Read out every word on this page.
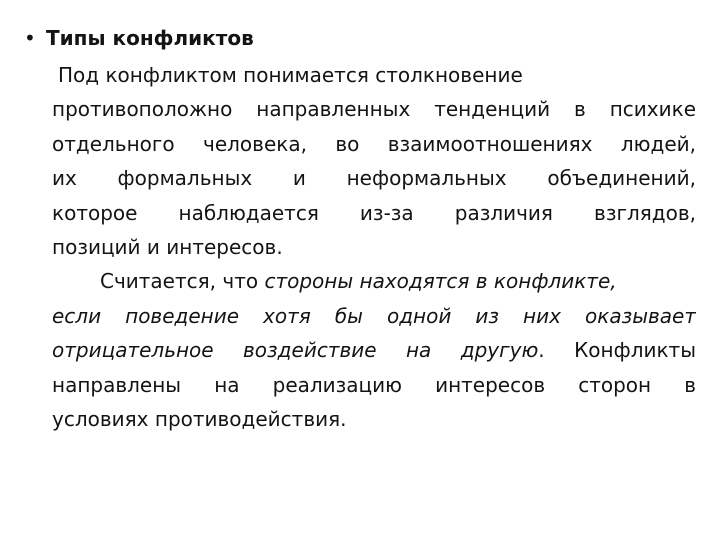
• Типы конфликтов
Под конфликтом понимается столкновение
противоположно направленных тенденций в психике
отдельного человека, во взаимоотношениях людей,
их формальных и неформальных объединений,
которое наблюдается из-за различия взглядов,
позиций и интересов.
Считается, что стороны находятся в конфликте,
если поведение хотя бы одной из них оказывает
отрицательное воздействие на другую. Конфликты
направлены на реализацию интересов сторон в
условиях противодействия.
